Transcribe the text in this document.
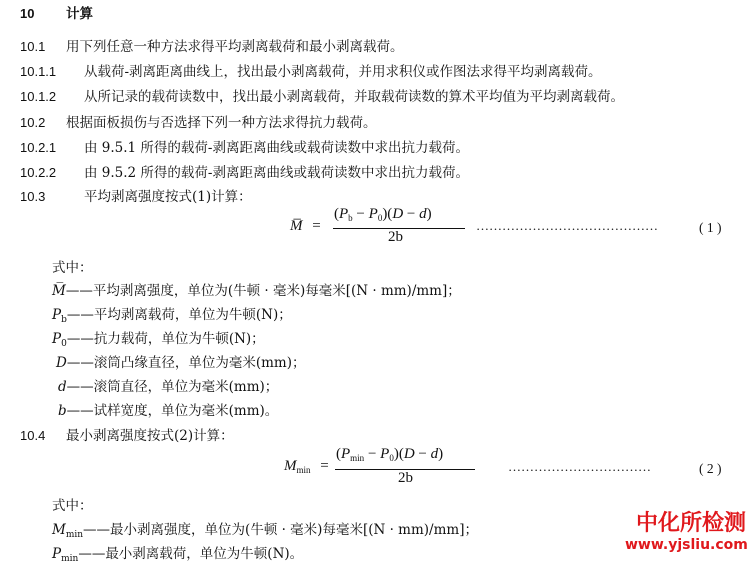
10 计算
10.1 用下列任意一种方法求得平均剥离载荷和最小剥离载荷。
10.1.1 从载荷-剥离距离曲线上，找出最小剥离载荷，并用求积仪或作图法求得平均剥离载荷。
10.1.2 从所记录的载荷读数中，找出最小剥离载荷，并取载荷读数的算术平均值为平均剥离载荷。
10.2 根据面板损伤与否选择下列一种方法求得抗力载荷。
10.2.1 由 9.5.1 所得的载荷-剥离距离曲线或载荷读数中求出抗力载荷。
10.2.2 由 9.5.2 所得的载荷-剥离距离曲线或载荷读数中求出抗力载荷。
10.3	平均剥离强度按式(1)计算：
M̅ =
$(P_b - P_0)(D - d)$
2b
……………………………………	( 1 )
式中：
M̅——平均剥离强度，单位为(牛顿 · 毫米)每毫米[(N · mm)/mm]；
$P_b——$平均剥离载荷，单位为牛顿(N)；
$P_0——$抗力载荷，单位为牛顿(N)；
D——滚筒凸缘直径，单位为毫米(mm)；
d——滚筒直径，单位为毫米(mm)；
b——试样宽度，单位为毫米(mm)。
10.4 最小剥离强度按式(2)计算：
$M_{min}$ =
$(P_{min} - P_0)(D - d)$
2b
……………………………	( 2 )
式中：
$M_{min}——$最小剥离强度，单位为(牛顿 · 毫米)每毫米[(N · mm)/mm]；
$P_{min}——$最小剥离载荷，单位为牛顿(N)。
中化所检测
www.yjsliu.com
